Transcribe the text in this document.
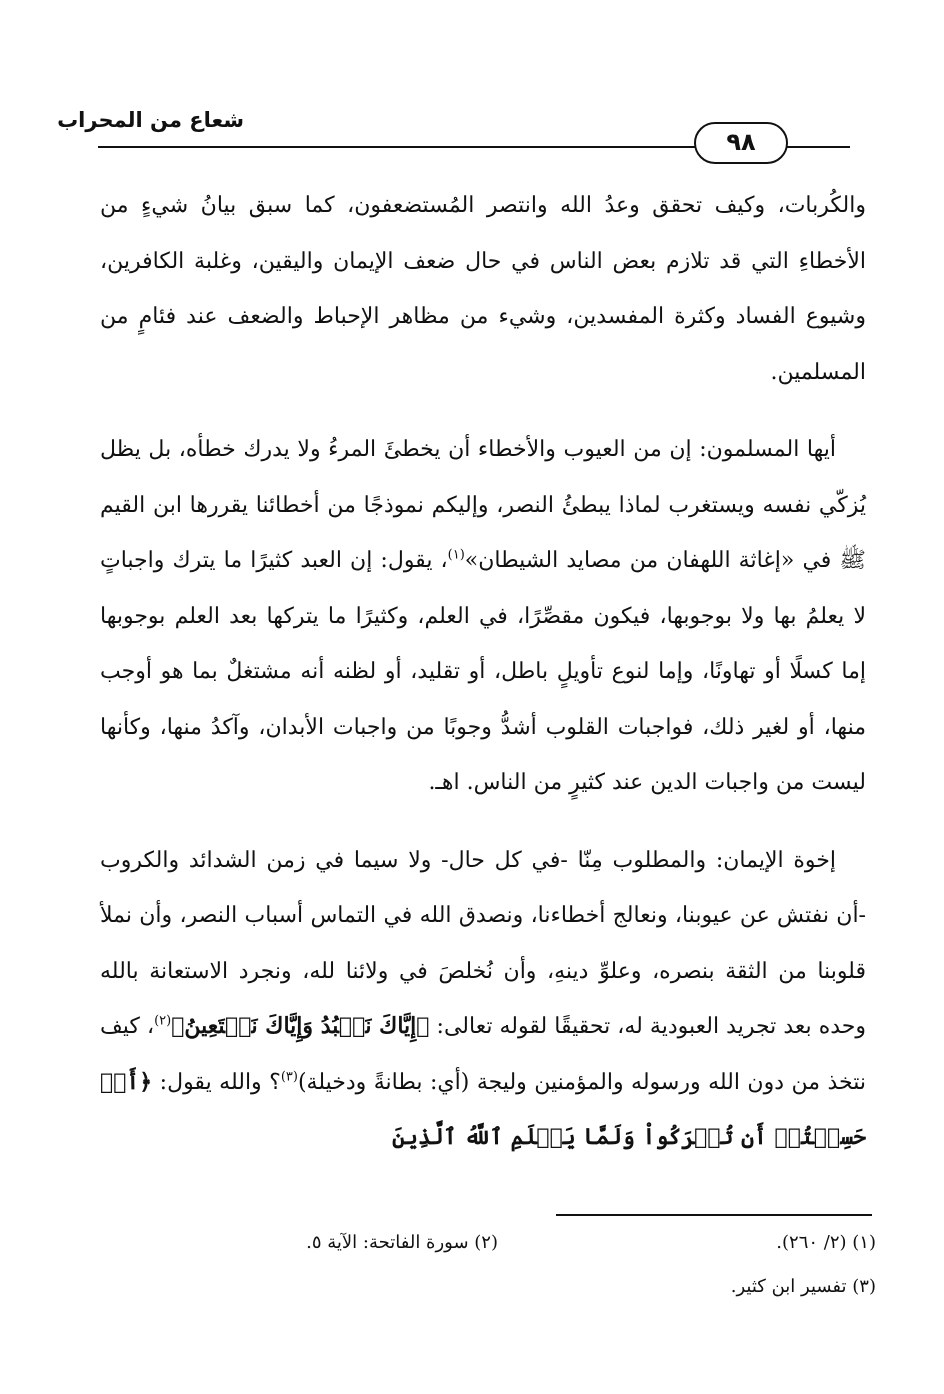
شعاع من المحراب
٩٨

والكُربات، وكيف تحقق وعدُ الله وانتصر المُستضعفون، كما سبق بيانُ شيءٍ من الأخطاءِ التي قد تلازم بعض الناس في حال ضعف الإيمان واليقين، وغلبة الكافرين، وشيوع الفساد وكثرة المفسدين، وشيء من مظاهر الإحباط والضعف عند فئامٍ من المسلمين.

أيها المسلمون: إن من العيوب والأخطاء أن يخطئَ المرءُ ولا يدرك خطأه، بل يظل يُزكّي نفسه ويستغرب لماذا يبطئُ النصر، وإليكم نموذجًا من أخطائنا يقررها ابن القيم ﷺ في «إغاثة اللهفان من مصايد الشيطان»$^{(١)}$، يقول: إن العبد كثيرًا ما يترك واجباتٍ لا يعلمُ بها ولا بوجوبها، فيكون مقصِّرًا، في العلم، وكثيرًا ما يتركها بعد العلم بوجوبها إما كسلًا أو تهاونًا، وإما لنوع تأويلٍ باطل، أو تقليد، أو لظنه أنه مشتغلٌ بما هو أوجب منها، أو لغير ذلك، فواجبات القلوب أشدُّ وجوبًا من واجبات الأبدان، وآكدُ منها، وكأنها ليست من واجبات الدين عند كثيرٍ من الناس. اهـ.

إخوة الإيمان: والمطلوب مِنّا -في كل حال- ولا سيما في زمن الشدائد والكروب -أن نفتش عن عيوبنا، ونعالج أخطاءنا، ونصدق الله في التماس أسباب النصر، وأن نملأ قلوبنا من الثقة بنصره، وعلوِّ دينهِ، وأن نُخلصَ في ولائنا لله، ونجرد الاستعانة بالله وحده بعد تجريد العبودية له، تحقيقًا لقوله تعالى: ﴿إِيَّاكَ نَعۡبُدُ وَإِيَّاكَ نَسۡتَعِينُ﴾$^{(٢)}$، كيف نتخذ من دون الله ورسوله والمؤمنين وليجة (أي: بطانةً ودخيلة)$^{(٣)}$؟ والله يقول: ﴿أَمۡ حَسِبۡتُمۡ أَن تُتۡرَكُواْ وَلَمَّا يَعۡلَمِ ٱللَّهُ ٱلَّذِينَ

(١) (٢/ ٢٦٠).
(٢) سورة الفاتحة: الآية ٥.
(٣) تفسير ابن كثير.
